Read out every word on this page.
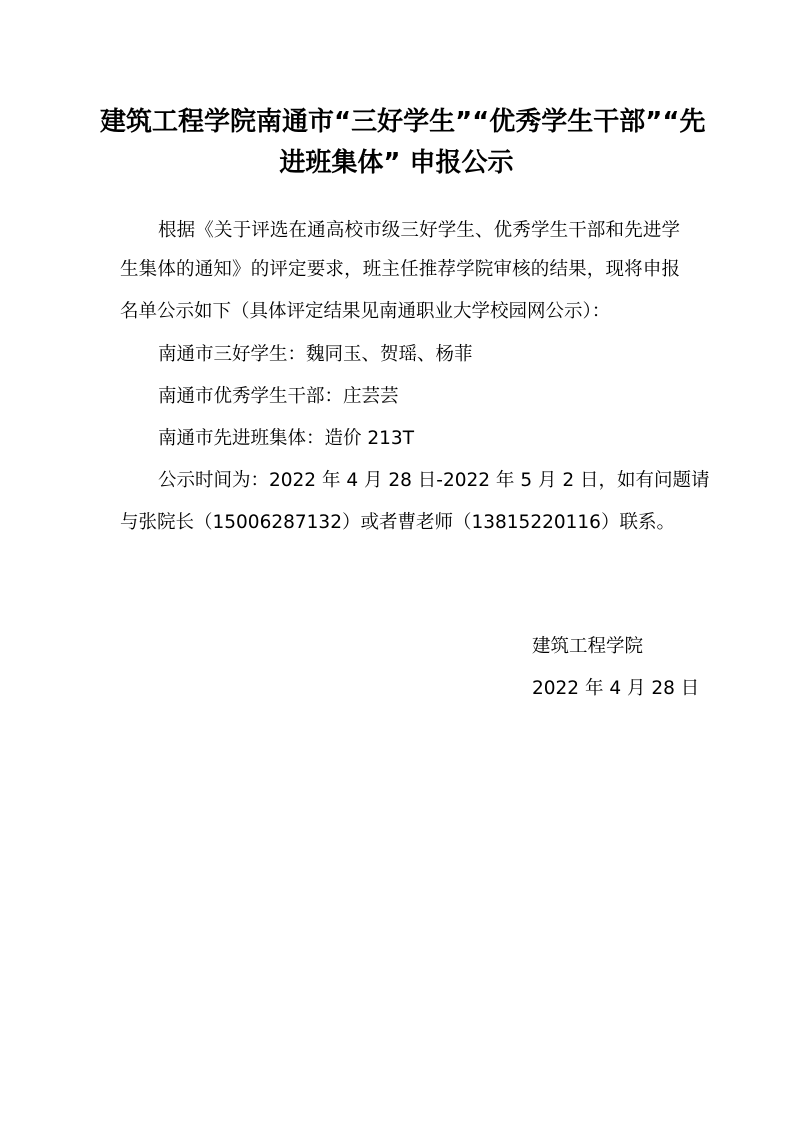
建筑工程学院南通市“三好学生”“优秀学生干部”“先
进班集体” 申报公示

根据《关于评选在通高校市级三好学生、优秀学生干部和先进学

生集体的通知》的评定要求，班主任推荐学院审核的结果，现将申报

名单公示如下（具体评定结果见南通职业大学校园网公示）：

南通市三好学生：魏同玉、贺瑶、杨菲

南通市优秀学生干部：庄芸芸

南通市先进班集体：造价 213T

公示时间为：2022 年 4 月 28 日-2022 年 5 月 2 日，如有问题请

与张院长（15006287132）或者曹老师（13815220116）联系。

建筑工程学院

2022 年 4 月 28 日
